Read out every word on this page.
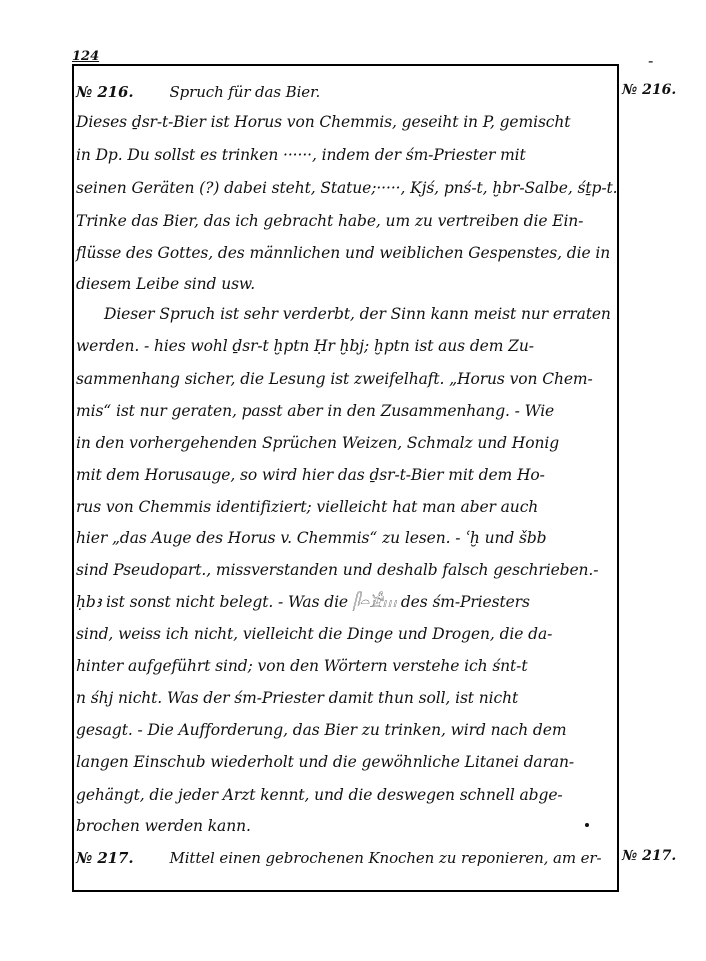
124	-
№ 216.
№ 217.
№ 216. Spruch für das Bier.
Dieses ḏsr-t-Bier ist Horus von Chemmis, geseiht in P, gemischt
in Dp. Du sollst es trinken ······, indem der śm-Priester mit
seinen Geräten (?) dabei steht, Statue;·····, Kjś, pnś-t, ḫbr-Salbe, śṯp-t.
Trinke das Bier, das ich gebracht habe, um zu vertreiben die Ein-
flüsse des Gottes, des männlichen und weiblichen Gespenstes, die in
diesem Leibe sind usw.
Dieser Spruch ist sehr verderbt, der Sinn kann meist nur erraten
werden. - hies wohl ḏsr-t ḫptn Ḥr ḫbj; ḫptn ist aus dem Zu-
sammenhang sicher, die Lesung ist zweifelhaft. „Horus von Chem-
mis“ ist nur geraten, passt aber in den Zusammenhang. - Wie
in den vorhergehenden Sprüchen Weizen, Schmalz und Honig
mit dem Horusauge, so wird hier das ḏsr-t-Bier mit dem Ho-
rus von Chemmis identifiziert; vielleicht hat man aber auch
hier „das Auge des Horus v. Chemmis“ zu lesen. - ʿḫ und šbb
sind Pseudopart., missverstanden und deshalb falsch geschrieben.-
ḥbꜣ ist sonst nicht belegt. - Was die 𓋴𓏏𓀀𓏥 des śm-Priesters
sind, weiss ich nicht, vielleicht die Dinge und Drogen, die da-
hinter aufgeführt sind; von den Wörtern verstehe ich śnt-t
n śhj nicht. Was der śm-Priester damit thun soll, ist nicht
gesagt. - Die Aufforderung, das Bier zu trinken, wird nach dem
langen Einschub wiederholt und die gewöhnliche Litanei daran-
gehängt, die jeder Arzt kennt, und die deswegen schnell abge-
brochen werden kann.
№ 217. Mittel einen gebrochenen Knochen zu reponieren, am er-
